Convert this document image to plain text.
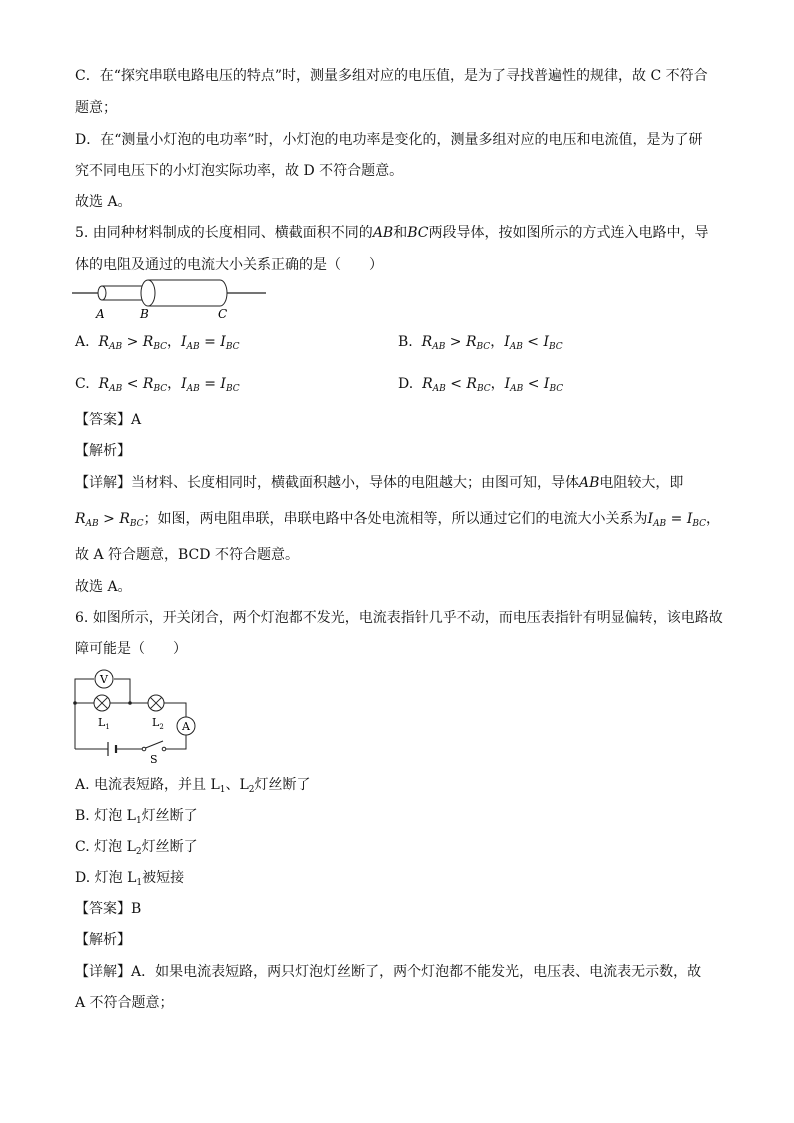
C．在“探究串联电路电压的特点”时，测量多组对应的电压值，是为了寻找普遍性的规律，故 C 不符合
题意；
D．在“测量小灯泡的电功率”时，小灯泡的电功率是变化的，测量多组对应的电压和电流值，是为了研
究不同电压下的小灯泡实际功率，故 D 不符合题意。
故选 A。
5. 由同种材料制成的长度相同、横截面积不同的AB和BC两段导体，按如图所示的方式连入电路中，导
体的电阻及通过的电流大小关系正确的是（　　）
A	B	C
A. $R_{AB} > R_{BC}$，$I_{AB} = I_{BC}$	B. $R_{AB} > R_{BC}$，$I_{AB} < I_{BC}$
C. $R_{AB} < R_{BC}$，$I_{AB} = I_{BC}$	D. $R_{AB} < R_{BC}$，$I_{AB} < I_{BC}$
【答案】A
【解析】
【详解】当材料、长度相同时，横截面积越小，导体的电阻越大；由图可知，导体AB电阻较大，即
$R_{AB} > R_{BC}$；如图，两电阻串联，串联电路中各处电流相等，所以通过它们的电流大小关系为$I_{AB} = I_{BC}$，
故 A 符合题意，BCD 不符合题意。
故选 A。
6. 如图所示，开关闭合，两个灯泡都不发光，电流表指针几乎不动，而电压表指针有明显偏转，该电路故
障可能是（　　）
V
$L_1$	$L_2$ A
S
A. 电流表短路，并且 $L_1$、$L_2$灯丝断了
B. 灯泡 $L_1$灯丝断了
C. 灯泡 $L_2$灯丝断了
D. 灯泡 $L_1$被短接
【答案】B
【解析】
【详解】A．如果电流表短路，两只灯泡灯丝断了，两个灯泡都不能发光，电压表、电流表无示数，故
A 不符合题意；
